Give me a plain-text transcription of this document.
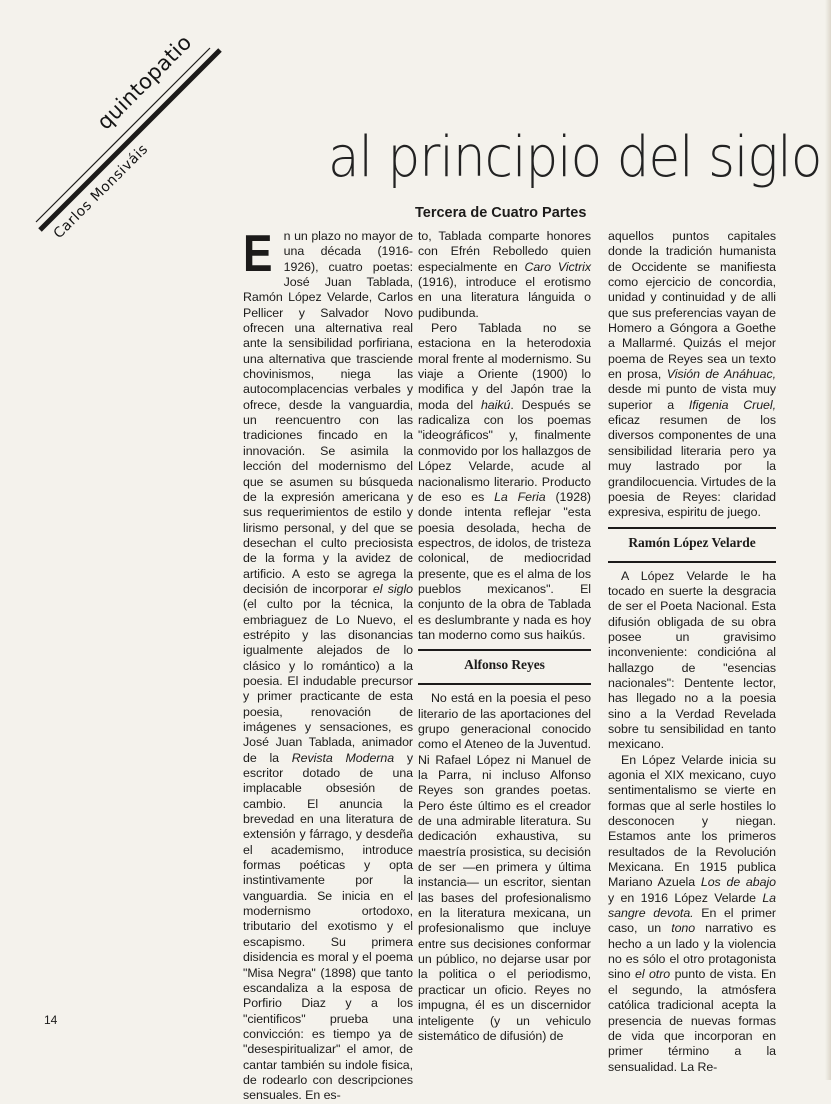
quintopatio
Carlos Monsiváis	al principio del siglo
Tercera de Cuatro Partes

En un plazo no mayor de una década (1916-1926), cuatro poetas: José Juan Tablada, Ramón López Velarde, Carlos Pellicer y Salvador Novo ofrecen una alternativa real ante la sensibilidad porfiriana, una alternativa que trasciende chovinismos, niega las autocomplacencias verbales y ofrece, desde la vanguardia, un reencuentro con las tradiciones fincado en la innovación. Se asimila la lección del modernismo del que se asumen su búsqueda de la expresión americana y sus requerimientos de estilo y lirismo personal, y del que se desechan el culto preciosista de la forma y la avidez de artificio. A esto se agrega la decisión de incorporar el siglo (el culto por la técnica, la embriaguez de Lo Nuevo, el estrépito y las disonancias igualmente alejados de lo clásico y lo romántico) a la poesia. El indudable precursor y primer practicante de esta poesia, renovación de imágenes y sensaciones, es José Juan Tablada, animador de la Revista Moderna y escritor dotado de una implacable obsesión de cambio. El anuncia la brevedad en una literatura de extensión y fárrago, y desdeña el academismo, introduce formas poéticas y opta instintivamente por la vanguardia. Se inicia en el modernismo ortodoxo, tributario del exotismo y el escapismo. Su primera disidencia es moral y el poema "Misa Negra" (1898) que tanto escandaliza a la esposa de Porfirio Diaz y a los "cientificos" prueba una convicción: es tiempo ya de "desespiritualizar" el amor, de cantar también su indole fisica, de rodearlo con descripciones sensuales. En es-

to, Tablada comparte honores con Efrén Rebolledo quien especialmente en Caro Victrix (1916), introduce el erotismo en una literatura lánguida o pudibunda.

Pero Tablada no se estaciona en la heterodoxia moral frente al modernismo. Su viaje a Oriente (1900) lo modifica y del Japón trae la moda del haikú. Después se radicaliza con los poemas "ideográficos" y, finalmente conmovido por los hallazgos de López Velarde, acude al nacionalismo literario. Producto de eso es La Feria (1928) donde intenta reflejar "esta poesia desolada, hecha de espectros, de idolos, de tristeza colonical, de mediocridad presente, que es el alma de los pueblos mexicanos". El conjunto de la obra de Tablada es deslumbrante y nada es hoy tan moderno como sus haikús.

Alfonso Reyes

No está en la poesia el peso literario de las aportaciones del grupo generacional conocido como el Ateneo de la Juventud. Ni Rafael López ni Manuel de la Parra, ni incluso Alfonso Reyes son grandes poetas. Pero éste último es el creador de una admirable literatura. Su dedicación exhaustiva, su maestría prosistica, su decisión de ser —en primera y última instancia— un escritor, sientan las bases del profesionalismo en la literatura mexicana, un profesionalismo que incluye entre sus decisiones conformar un público, no dejarse usar por la politica o el periodismo, practicar un oficio. Reyes no impugna, él es un discernidor inteligente (y un vehiculo sistemático de difusión) de

aquellos puntos capitales donde la tradición humanista de Occidente se manifiesta como ejercicio de concordia, unidad y continuidad y de alli que sus preferencias vayan de Homero a Góngora a Goethe a Mallarmé. Quizás el mejor poema de Reyes sea un texto en prosa, Visión de Anáhuac, desde mi punto de vista muy superior a Ifigenia Cruel, eficaz resumen de los diversos componentes de una sensibilidad literaria pero ya muy lastrado por la grandilocuencia. Virtudes de la poesia de Reyes: claridad expresiva, espiritu de juego.

Ramón López Velarde

A López Velarde le ha tocado en suerte la desgracia de ser el Poeta Nacional. Esta difusión obligada de su obra posee un gravisimo inconveniente: condicióna al hallazgo de "esencias nacionales": Dentente lector, has llegado no a la poesia sino a la Verdad Revelada sobre tu sensibilidad en tanto mexicano.

En López Velarde inicia su agonia el XIX mexicano, cuyo sentimentalismo se vierte en formas que al serle hostiles lo desconocen y niegan. Estamos ante los primeros resultados de la Revolución Mexicana. En 1915 publica Mariano Azuela Los de abajo y en 1916 López Velarde La sangre devota. En el primer caso, un tono narrativo es hecho a un lado y la violencia no es sólo el otro protagonista sino el otro punto de vista. En el segundo, la atmósfera católica tradicional acepta la presencia de nuevas formas de vida que incorporan en primer término a la sensualidad. La Re-

14
